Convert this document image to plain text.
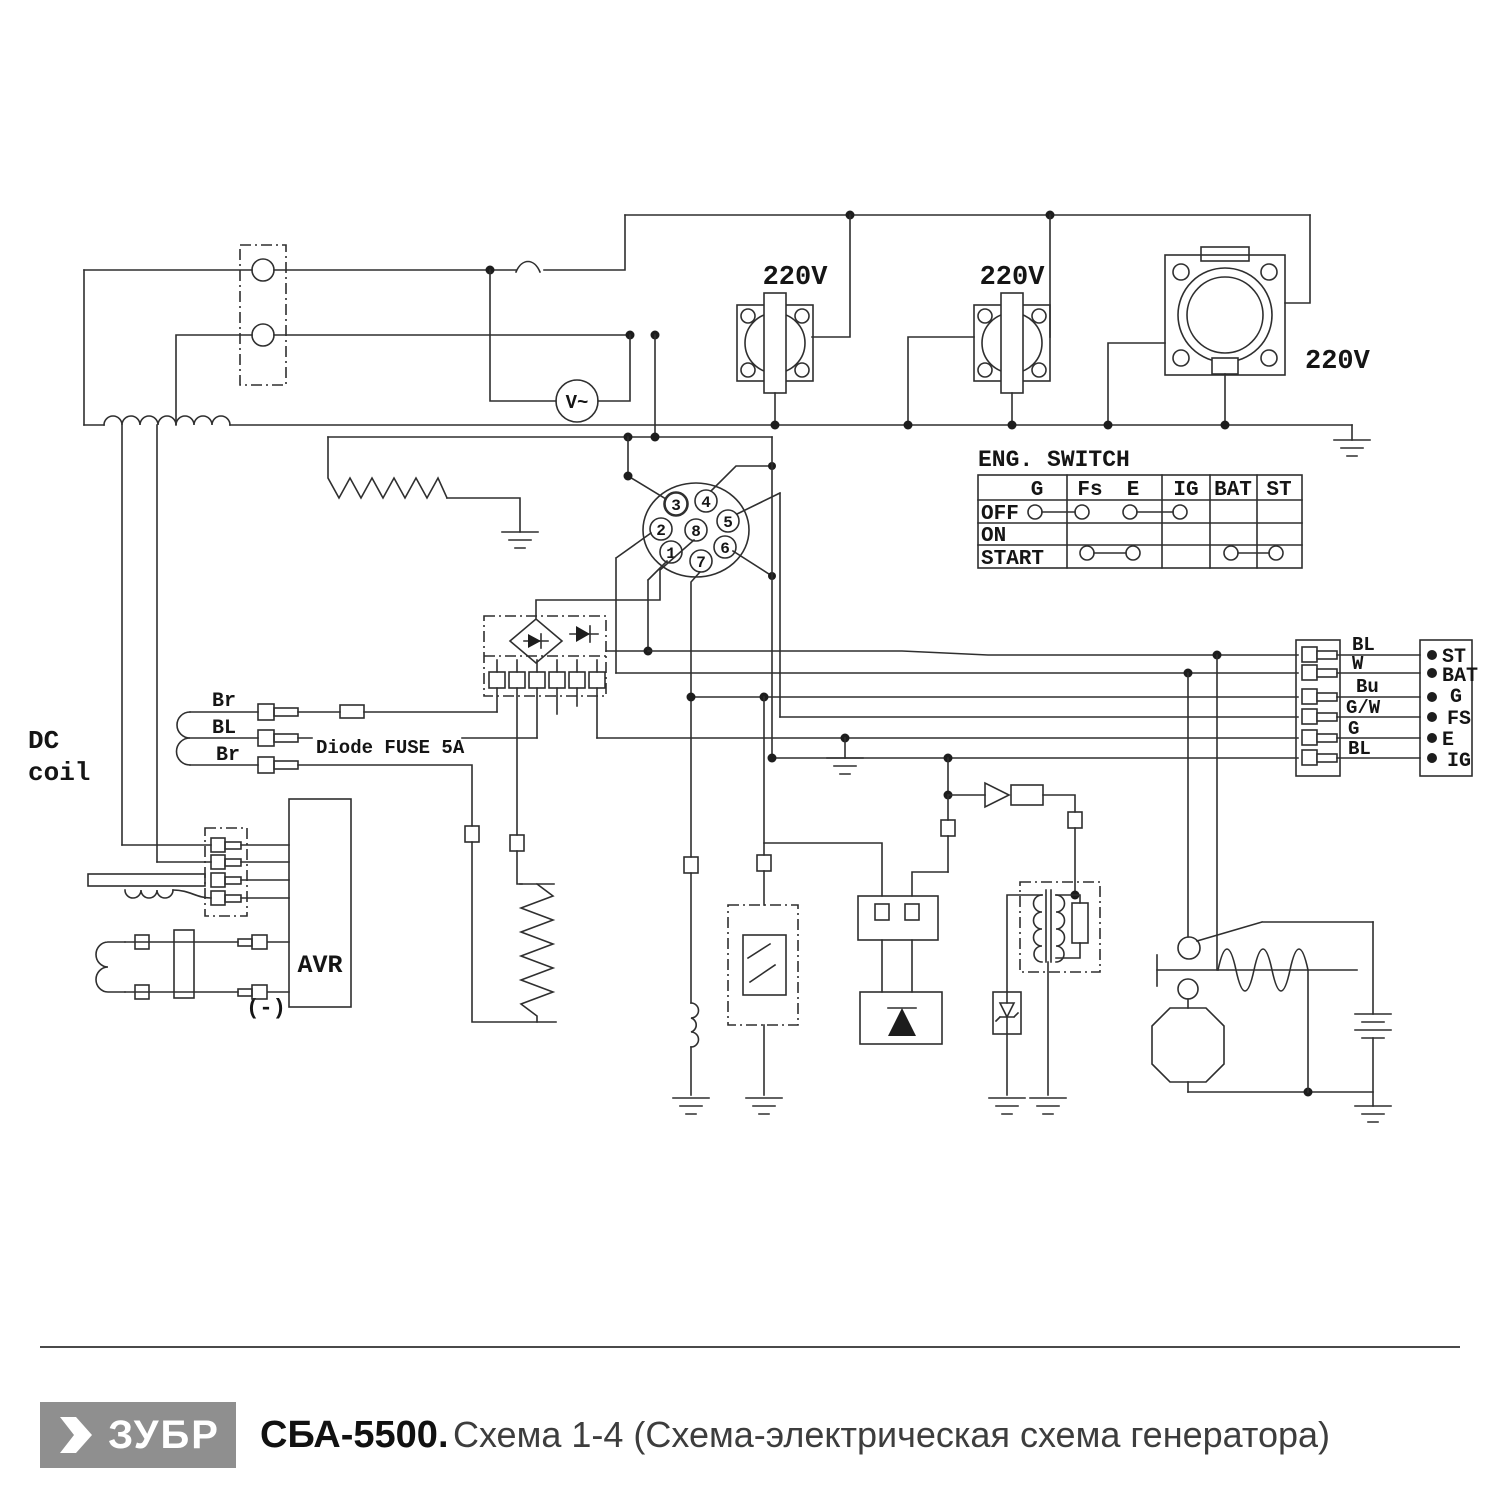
V~
220V	220V
220V
ENG. SWITCH
G Fs E IG BAT ST
OFF
ON
START
3 4
5
2 8
1 7
6
DC
coil
Br
BL
Br	Diode FUSE 5A
BL
W
Bu
G/W
G
BL
ST
BAT
G
FS
E
IG
AVR
(-)
ЗУБР СБА-5500. Схема 1-4 (Схема-электрическая схема генератора)
